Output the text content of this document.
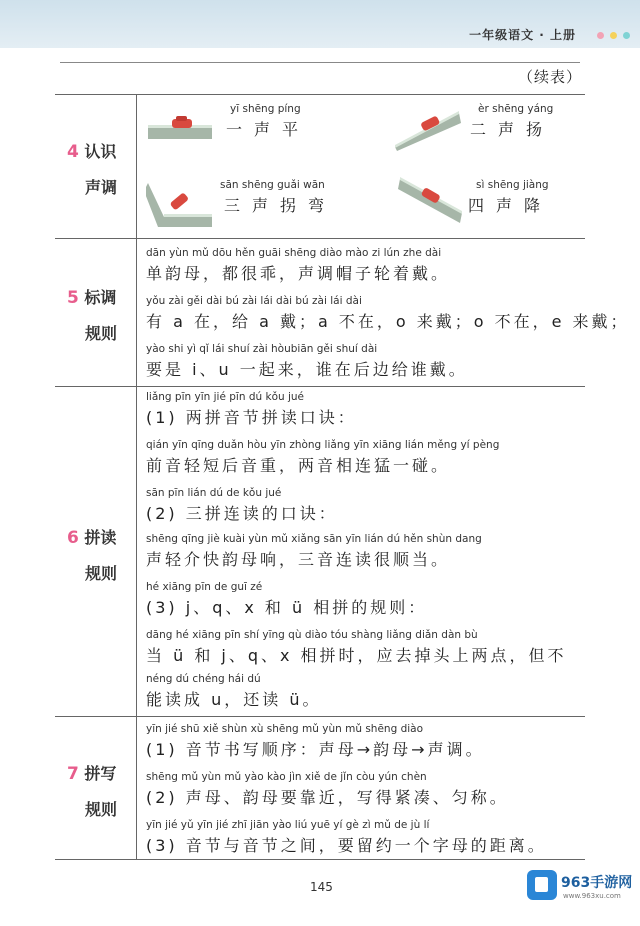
一年级语文 · 上册
（续表）
4 认识
声调
yī shēng píng
一声平
èr shēng yáng
二声扬
sān shēng guǎi wān
三声拐弯
sì shēng jiàng
四声降
5 标调
规则
dān yùn mǔ dōu hěn guāi shēng diào mào zi lún zhe dài
单韵母，都很乖，声调帽子轮着戴。
yǒu zài gěi dài bú zài lái dài bú zài lái dài
有 a 在，给 a 戴；a 不在，o 来戴；o 不在，e 来戴；
yào shi yì qǐ lái shuí zài hòubiān gěi shuí dài
要是 i、u 一起来，谁在后边给谁戴。
6 拼读
规则
liǎng pīn yīn jié pīn dú kǒu jué
(1) 两拼音节拼读口诀：
qián yīn qīng duǎn hòu yīn zhòng liǎng yīn xiāng lián měng yí pèng
前音轻短后音重，两音相连猛一碰。
sān pīn lián dú de kǒu jué
(2) 三拼连读的口诀：
shēng qīng jiè kuài yùn mǔ xiǎng sān yīn lián dú hěn shùn dang
声轻介快韵母响，三音连读很顺当。
hé xiāng pīn de guī zé
(3) j、q、x 和 ü 相拼的规则：
dāng hé xiāng pīn shí yīng qù diào tóu shàng liǎng diǎn dàn bù
当 ü 和 j、q、x 相拼时，应去掉头上两点，但不
néng dú chéng hái dú
能读成 u，还读 ü。
7 拼写
规则
yīn jié shū xiě shùn xù shēng mǔ yùn mǔ shēng diào
(1) 音节书写顺序：声母→韵母→声调。
shēng mǔ yùn mǔ yào kào jìn xiě de jǐn còu yún chèn
(2) 声母、韵母要靠近，写得紧凑、匀称。
yīn jié yǔ yīn jié zhī jiān yào liú yuē yí gè zì mǔ de jù lí
(3) 音节与音节之间，要留约一个字母的距离。
145	963手游网
www.963xu.com
